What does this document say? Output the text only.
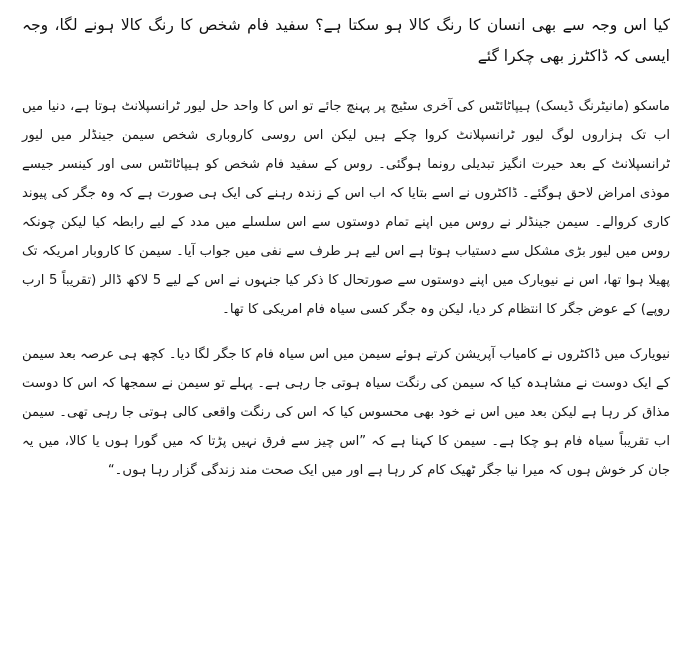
کیا اس وجہ سے بھی انسان کا رنگ کالا ہو سکتا ہے؟ سفید فام شخص کا رنگ کالا ہونے لگا، وجہ ایسی کہ ڈاکٹرز بھی چکرا گئے

ماسکو (مانیٹرنگ ڈیسک) ہیپاٹائٹس کی آخری سٹیج پر پہنچ جائے تو اس کا واحد حل لیور ٹرانسپلانٹ ہوتا ہے، دنیا میں اب تک ہزاروں لوگ لیور ٹرانسپلانٹ کروا چکے ہیں لیکن اس روسی کاروباری شخص سیمن جینڈلر میں لیور ٹرانسپلانٹ کے بعد حیرت انگیز تبدیلی رونما ہوگئی۔ روس کے سفید فام شخص کو ہیپاٹائٹس سی اور کینسر جیسے موذی امراض لاحق ہوگئے۔ ڈاکٹروں نے اسے بتایا کہ اب اس کے زندہ رہنے کی ایک ہی صورت ہے کہ وہ جگر کی پیوند کاری کروالے۔ سیمن جینڈلر نے روس میں اپنے تمام دوستوں سے اس سلسلے میں مدد کے لیے رابطہ کیا لیکن چونکہ روس میں لیور بڑی مشکل سے دستیاب ہوتا ہے اس لیے ہر طرف سے نفی میں جواب آیا۔ سیمن کا کاروبار امریکہ تک پھیلا ہوا تھا، اس نے نیویارک میں اپنے دوستوں سے صورتحال کا ذکر کیا جنہوں نے اس کے لیے 5 لاکھ ڈالر (تقریباً 5 ارب روپے) کے عوض جگر کا انتظام کر دیا، لیکن وہ جگر کسی سیاہ فام امریکی کا تھا۔

نیویارک میں ڈاکٹروں نے کامیاب آپریشن کرتے ہوئے سیمن میں اس سیاہ فام کا جگر لگا دیا۔ کچھ ہی عرصہ بعد سیمن کے ایک دوست نے مشاہدہ کیا کہ سیمن کی رنگت سیاہ ہوتی جا رہی ہے۔ پہلے تو سیمن نے سمجھا کہ اس کا دوست مذاق کر رہا ہے لیکن بعد میں اس نے خود بھی محسوس کیا کہ اس کی رنگت واقعی کالی ہوتی جا رہی تھی۔ سیمن اب تقریباً سیاہ فام ہو چکا ہے۔ سیمن کا کہنا ہے کہ ”اس چیز سے فرق نہیں پڑتا کہ میں گورا ہوں یا کالا، میں یہ جان کر خوش ہوں کہ میرا نیا جگر ٹھیک کام کر رہا ہے اور میں ایک صحت مند زندگی گزار رہا ہوں۔“
